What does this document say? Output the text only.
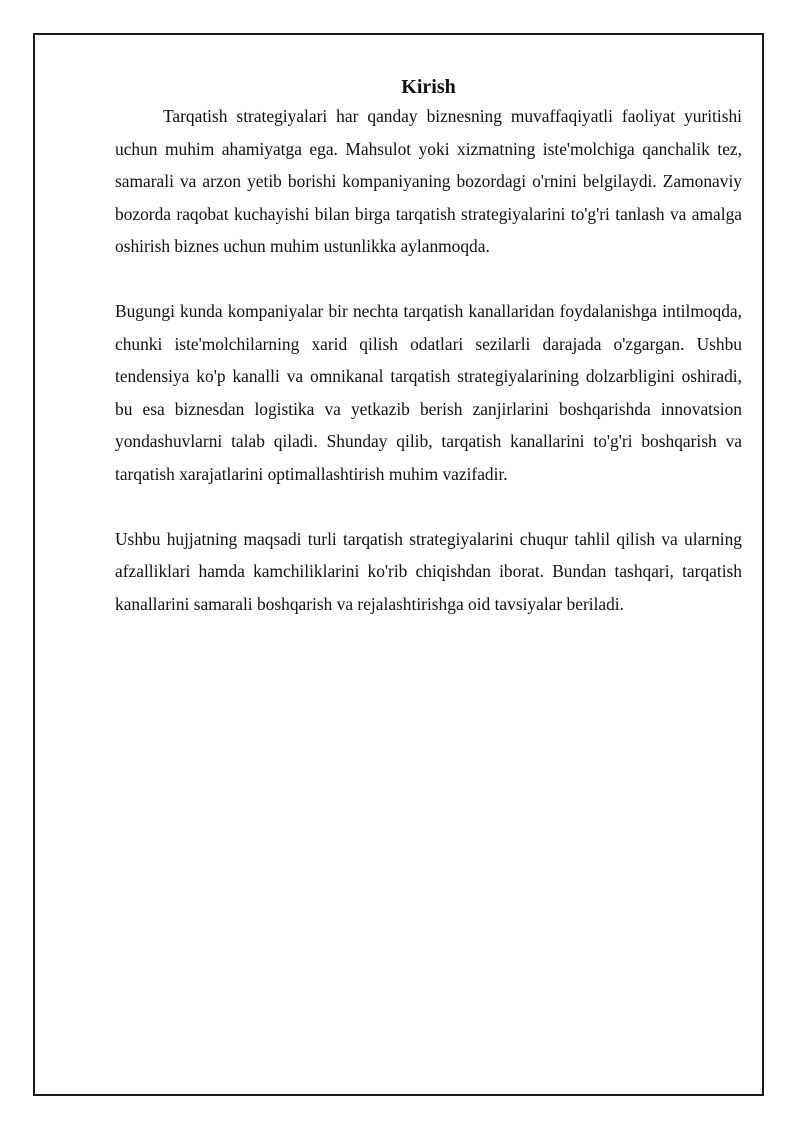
Kirish

Tarqatish strategiyalari har qanday biznesning muvaffaqiyatli faoliyat yuritishi uchun muhim ahamiyatga ega. Mahsulot yoki xizmatning iste'molchiga qanchalik tez, samarali va arzon yetib borishi kompaniyaning bozordagi o'rnini belgilaydi. Zamonaviy bozorda raqobat kuchayishi bilan birga tarqatish strategiyalarini to'g'ri tanlash va amalga oshirish biznes uchun muhim ustunlikka aylanmoqda.

Bugungi kunda kompaniyalar bir nechta tarqatish kanallaridan foydalanishga intilmoqda, chunki iste'molchilarning xarid qilish odatlari sezilarli darajada o'zgargan. Ushbu tendensiya ko'p kanalli va omnikanal tarqatish strategiyalarining dolzarbligini oshiradi, bu esa biznesdan logistika va yetkazib berish zanjirlarini boshqarishda innovatsion yondashuvlarni talab qiladi. Shunday qilib, tarqatish kanallarini to'g'ri boshqarish va tarqatish xarajatlarini optimallashtirish muhim vazifadir.

Ushbu hujjatning maqsadi turli tarqatish strategiyalarini chuqur tahlil qilish va ularning afzalliklari hamda kamchiliklarini ko'rib chiqishdan iborat. Bundan tashqari, tarqatish kanallarini samarali boshqarish va rejalashtirishga oid tavsiyalar beriladi.
